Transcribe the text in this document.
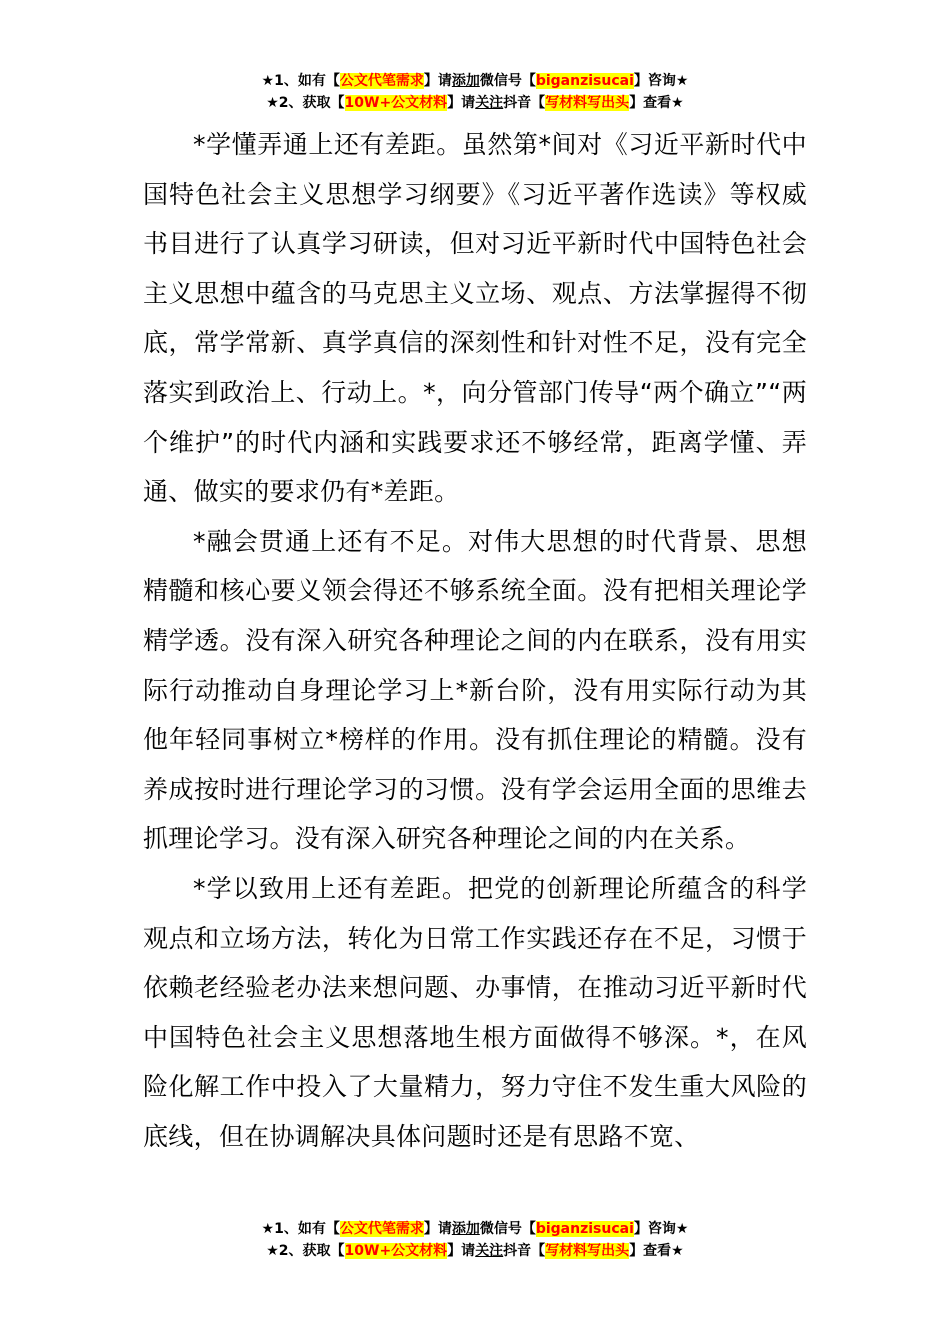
★1、如有【公文代笔需求】请添加微信号【biganzisucai】咨询★
★2、获取【10W+公文材料】请关注抖音【写材料写出头】查看★

*学懂弄通上还有差距。虽然第*间对《习近平新时代中国特色社会主义思想学习纲要》《习近平著作选读》等权威书目进行了认真学习研读，但对习近平新时代中国特色社会主义思想中蕴含的马克思主义立场、观点、方法掌握得不彻底，常学常新、真学真信的深刻性和针对性不足，没有完全落实到政治上、行动上。*，向分管部门传导“两个确立”“两个维护”的时代内涵和实践要求还不够经常，距离学懂、弄通、做实的要求仍有*差距。

*融会贯通上还有不足。对伟大思想的时代背景、思想精髓和核心要义领会得还不够系统全面。没有把相关理论学精学透。没有深入研究各种理论之间的内在联系，没有用实际行动推动自身理论学习上*新台阶，没有用实际行动为其他年轻同事树立*榜样的作用。没有抓住理论的精髓。没有养成按时进行理论学习的习惯。没有学会运用全面的思维去抓理论学习。没有深入研究各种理论之间的内在关系。

*学以致用上还有差距。把党的创新理论所蕴含的科学观点和立场方法，转化为日常工作实践还存在不足，习惯于依赖老经验老办法来想问题、办事情，在推动习近平新时代中国特色社会主义思想落地生根方面做得不够深。*，在风险化解工作中投入了大量精力，努力守住不发生重大风险的底线，但在协调解决具体问题时还是有思路不宽、

★1、如有【公文代笔需求】请添加微信号【biganzisucai】咨询★
★2、获取【10W+公文材料】请关注抖音【写材料写出头】查看★
